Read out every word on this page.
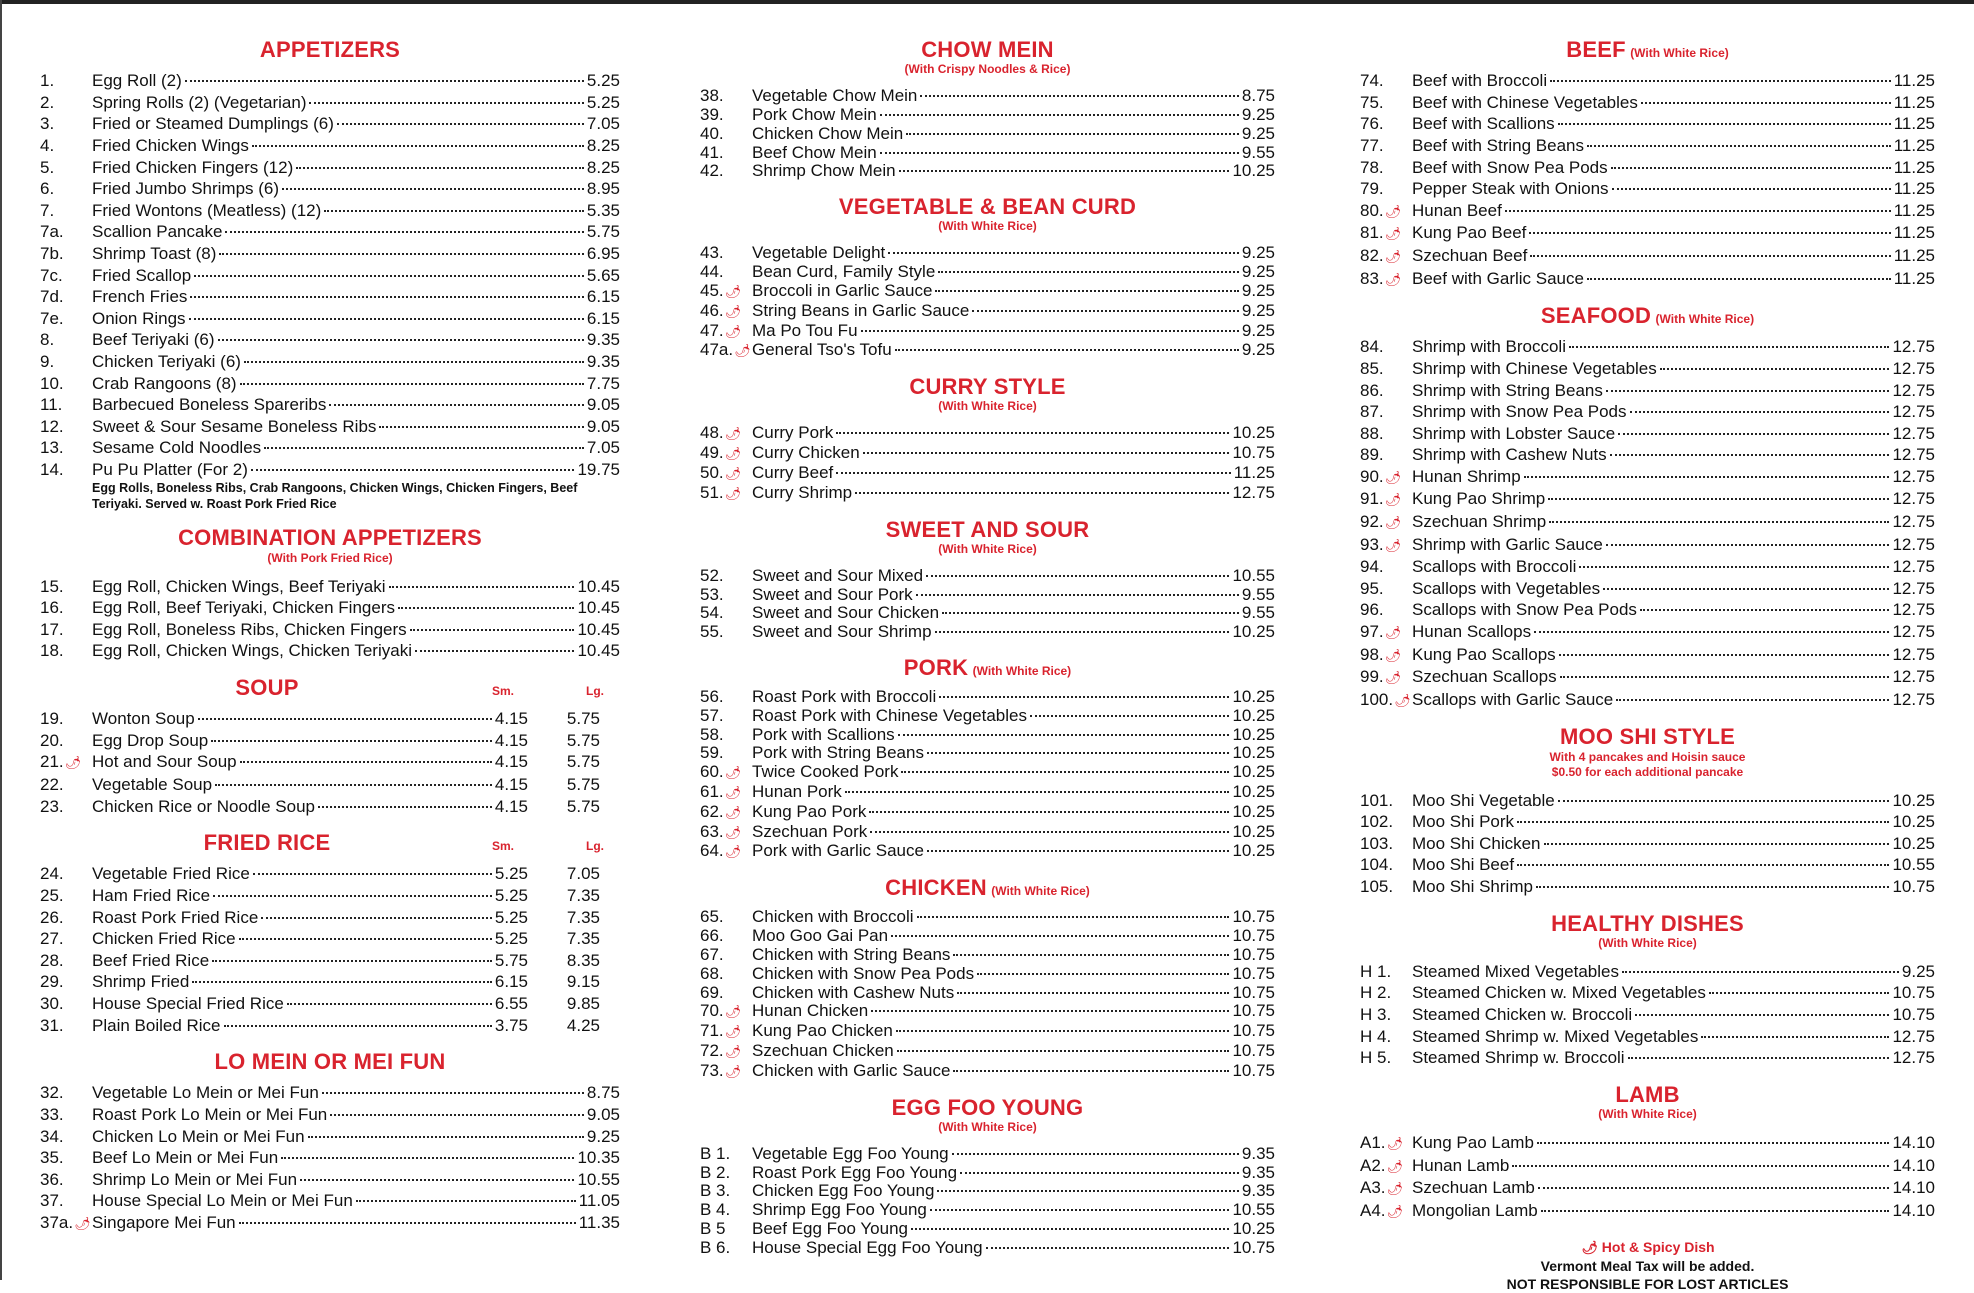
APPETIZERS
1.	Egg Roll (2)	5.25
2.	Spring Rolls (2) (Vegetarian)	5.25
3.	Fried or Steamed Dumplings (6)	7.05
4.	Fried Chicken Wings	8.25
5.	Fried Chicken Fingers (12)	8.25
6.	Fried Jumbo Shrimps (6)	8.95
7.	Fried Wontons (Meatless) (12)	5.35
7a.	Scallion Pancake	5.75
7b.	Shrimp Toast (8)	6.95
7c.	Fried Scallop	5.65
7d.	French Fries	6.15
7e.	Onion Rings	6.15
8.	Beef Teriyaki (6)	9.35
9.	Chicken Teriyaki (6)	9.35
10.	Crab Rangoons (8)	7.75
11.	Barbecued Boneless Spareribs	9.05
12.	Sweet & Sour Sesame Boneless Ribs	9.05
13.	Sesame Cold Noodles	7.05
14.	Pu Pu Platter (For 2)	19.75
Egg Rolls, Boneless Ribs, Crab Rangoons, Chicken Wings, Chicken Fingers, Beef Teriyaki. Served w. Roast Pork Fried Rice
COMBINATION APPETIZERS
(With Pork Fried Rice)
15.	Egg Roll, Chicken Wings, Beef Teriyaki	10.45
16.	Egg Roll, Beef Teriyaki, Chicken Fingers	10.45
17.	Egg Roll, Boneless Ribs, Chicken Fingers	10.45
18.	Egg Roll, Chicken Wings, Chicken Teriyaki	10.45
SOUP	Sm.	Lg.
19.	Wonton Soup	4.15	5.75
20.	Egg Drop Soup	4.15	5.75
21.🌶 Hot and Sour Soup	4.15	5.75
22.	Vegetable Soup	4.15	5.75
23.	Chicken Rice or Noodle Soup	4.15	5.75
FRIED RICE	Sm.	Lg.
24.	Vegetable Fried Rice	5.25	7.05
25.	Ham Fried Rice	5.25	7.35
26.	Roast Pork Fried Rice	5.25	7.35
27.	Chicken Fried Rice	5.25	7.35
28.	Beef Fried Rice	5.75	8.35
29.	Shrimp Fried	6.15	9.15
30.	House Special Fried Rice	6.55	9.85
31.	Plain Boiled Rice	3.75	4.25
LO MEIN OR MEI FUN
32.	Vegetable Lo Mein or Mei Fun	8.75
33.	Roast Pork Lo Mein or Mei Fun	9.05
34.	Chicken Lo Mein or Mei Fun	9.25
35.	Beef Lo Mein or Mei Fun	10.35
36.	Shrimp Lo Mein or Mei Fun	10.55
37.	House Special Lo Mein or Mei Fun	11.05
37a.🌶 Singapore Mei Fun	11.35
CHOW MEIN
(With Crispy Noodles & Rice)
38.	Vegetable Chow Mein	8.75
39.	Pork Chow Mein	9.25
40.	Chicken Chow Mein	9.25
41.	Beef Chow Mein	9.55
42.	Shrimp Chow Mein	10.25
VEGETABLE & BEAN CURD
(With White Rice)
43.	Vegetable Delight	9.25
44.	Bean Curd, Family Style	9.25
45.🌶 Broccoli in Garlic Sauce	9.25
46.🌶 String Beans in Garlic Sauce	9.25
47.🌶 Ma Po Tou Fu	9.25
47a.🌶 General Tso's Tofu	9.25
CURRY STYLE
(With White Rice)
48.🌶 Curry Pork	10.25
49.🌶 Curry Chicken	10.75
50.🌶 Curry Beef	11.25
51.🌶 Curry Shrimp	12.75
SWEET AND SOUR
(With White Rice)
52.	Sweet and Sour Mixed	10.55
53.	Sweet and Sour Pork	9.55
54.	Sweet and Sour Chicken	9.55
55.	Sweet and Sour Shrimp	10.25
PORK (With White Rice)
56.	Roast Pork with Broccoli	10.25
57.	Roast Pork with Chinese Vegetables	10.25
58.	Pork with Scallions	10.25
59.	Pork with String Beans	10.25
60.🌶 Twice Cooked Pork	10.25
61.🌶 Hunan Pork	10.25
62.🌶 Kung Pao Pork	10.25
63.🌶 Szechuan Pork	10.25
64.🌶 Pork with Garlic Sauce	10.25
CHICKEN (With White Rice)
65.	Chicken with Broccoli	10.75
66.	Moo Goo Gai Pan	10.75
67.	Chicken with String Beans	10.75
68.	Chicken with Snow Pea Pods	10.75
69.	Chicken with Cashew Nuts	10.75
70.🌶 Hunan Chicken	10.75
71.🌶 Kung Pao Chicken	10.75
72.🌶 Szechuan Chicken	10.75
73.🌶 Chicken with Garlic Sauce	10.75
EGG FOO YOUNG
(With White Rice)
B 1.	Vegetable Egg Foo Young	9.35
B 2.	Roast Pork Egg Foo Young	9.35
B 3.	Chicken Egg Foo Young	9.35
B 4.	Shrimp Egg Foo Young	10.55
B 5	Beef Egg Foo Young	10.25
B 6.	House Special Egg Foo Young	10.75
BEEF (With White Rice)
74.	Beef with Broccoli	11.25
75.	Beef with Chinese Vegetables	11.25
76.	Beef with Scallions	11.25
77.	Beef with String Beans	11.25
78.	Beef with Snow Pea Pods	11.25
79.	Pepper Steak with Onions	11.25
80.🌶 Hunan Beef	11.25
81.🌶 Kung Pao Beef	11.25
82.🌶 Szechuan Beef	11.25
83.🌶 Beef with Garlic Sauce	11.25
SEAFOOD (With White Rice)
84.	Shrimp with Broccoli	12.75
85.	Shrimp with Chinese Vegetables	12.75
86.	Shrimp with String Beans	12.75
87.	Shrimp with Snow Pea Pods	12.75
88.	Shrimp with Lobster Sauce	12.75
89.	Shrimp with Cashew Nuts	12.75
90.🌶 Hunan Shrimp	12.75
91.🌶 Kung Pao Shrimp	12.75
92.🌶 Szechuan Shrimp	12.75
93.🌶 Shrimp with Garlic Sauce	12.75
94.	Scallops with Broccoli	12.75
95.	Scallops with Vegetables	12.75
96.	Scallops with Snow Pea Pods	12.75
97.🌶 Hunan Scallops	12.75
98.🌶 Kung Pao Scallops	12.75
99.🌶 Szechuan Scallops	12.75
100.🌶 Scallops with Garlic Sauce	12.75
MOO SHI STYLE
With 4 pancakes and Hoisin sauce
$0.50 for each additional pancake
101.	Moo Shi Vegetable	10.25
102.	Moo Shi Pork	10.25
103.	Moo Shi Chicken	10.25
104.	Moo Shi Beef	10.55
105.	Moo Shi Shrimp	10.75
HEALTHY DISHES
(With White Rice)
H 1.	Steamed Mixed Vegetables	9.25
H 2.	Steamed Chicken w. Mixed Vegetables	10.75
H 3.	Steamed Chicken w. Broccoli	10.75
H 4.	Steamed Shrimp w. Mixed Vegetables	12.75
H 5.	Steamed Shrimp w. Broccoli	12.75
LAMB
(With White Rice)
A1.🌶 Kung Pao Lamb	14.10
A2.🌶 Hunan Lamb	14.10
A3.🌶 Szechuan Lamb	14.10
A4.🌶 Mongolian Lamb	14.10
🌶 Hot & Spicy Dish
Vermont Meal Tax will be added.
NOT RESPONSIBLE FOR LOST ARTICLES
